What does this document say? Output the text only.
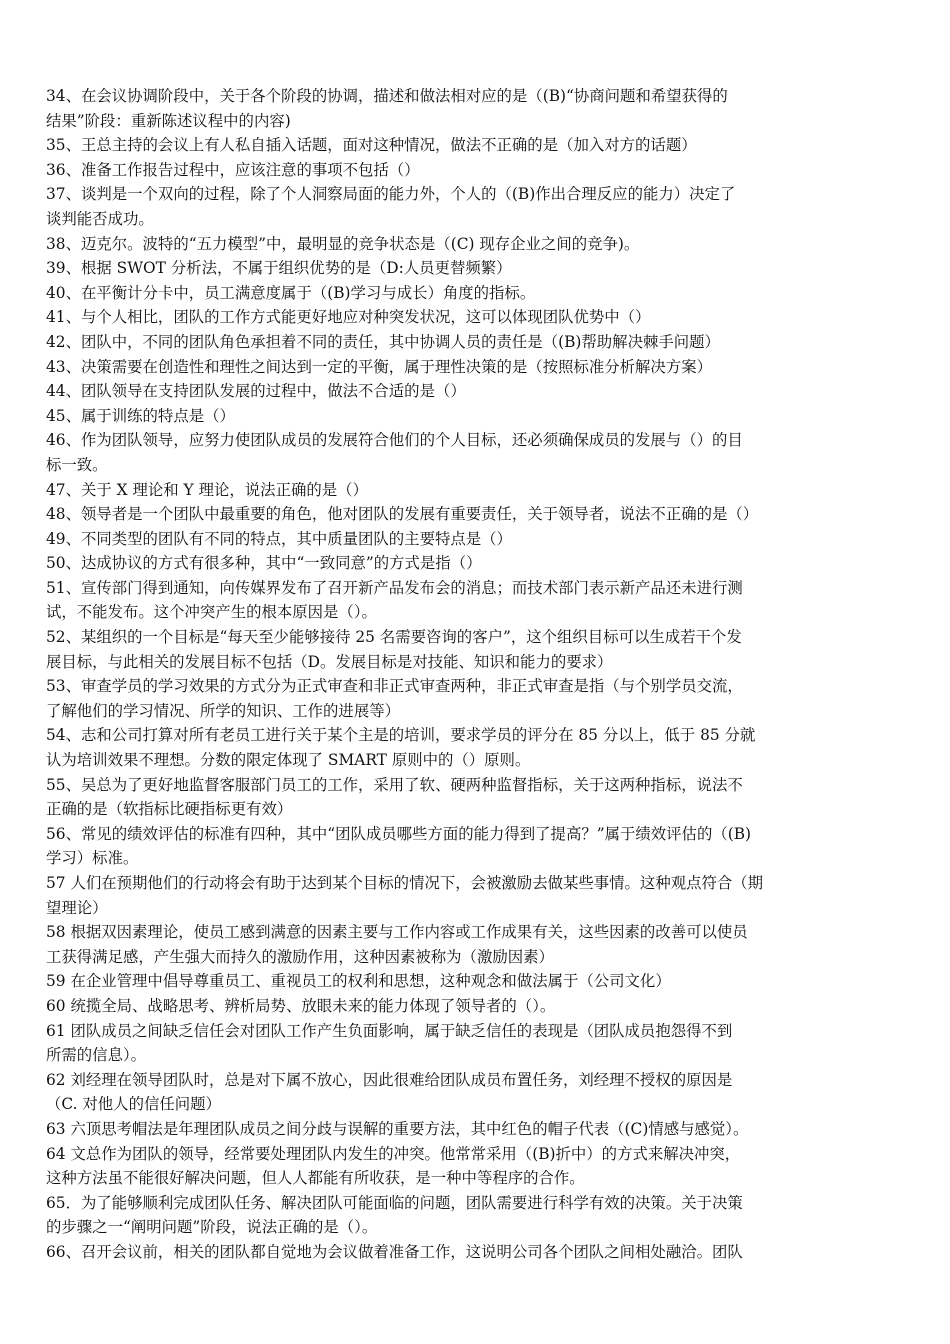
34、在会议协调阶段中，关于各个阶段的协调，描述和做法相对应的是（(B)“协商问题和希望获得的
结果”阶段：重新陈述议程中的内容)
35、王总主持的会议上有人私自插入话题，面对这种情况，做法不正确的是（加入对方的话题）
36、准备工作报告过程中，应该注意的事项不包括（）
37、谈判是一个双向的过程，除了个人洞察局面的能力外，个人的（(B)作出合理反应的能力）决定了
谈判能否成功。
38、迈克尔。波特的“五力模型”中，最明显的竞争状态是（(C) 现存企业之间的竞争)。
39、根据 SWOT 分析法，不属于组织优势的是（D:人员更替频繁）
40、在平衡计分卡中，员工满意度属于（(B)学习与成长）角度的指标。
41、与个人相比，团队的工作方式能更好地应对种突发状况，这可以体现团队优势中（）
42、团队中，不同的团队角色承担着不同的责任，其中协调人员的责任是（(B)帮助解决棘手问题）
43、决策需要在创造性和理性之间达到一定的平衡，属于理性决策的是（按照标准分析解决方案）
44、团队领导在支持团队发展的过程中，做法不合适的是（）
45、属于训练的特点是（）
46、作为团队领导，应努力使团队成员的发展符合他们的个人目标，还必须确保成员的发展与（）的目
标一致。
47、关于 X 理论和 Y 理论，说法正确的是（）
48、领导者是一个团队中最重要的角色，他对团队的发展有重要责任，关于领导者，说法不正确的是（）
49、不同类型的团队有不同的特点，其中质量团队的主要特点是（）
50、达成协议的方式有很多种，其中“一致同意”的方式是指（）
51、宣传部门得到通知，向传媒界发布了召开新产品发布会的消息；而技术部门表示新产品还未进行测
试，不能发布。这个冲突产生的根本原因是（）。
52、某组织的一个目标是“每天至少能够接待 25 名需要咨询的客户”，这个组织目标可以生成若干个发
展目标，与此相关的发展目标不包括（D。发展目标是对技能、知识和能力的要求）
53、审查学员的学习效果的方式分为正式审查和非正式审查两种，非正式审查是指（与个别学员交流，
了解他们的学习情况、所学的知识、工作的进展等）
54、志和公司打算对所有老员工进行关于某个主是的培训，要求学员的评分在 85 分以上，低于 85 分就
认为培训效果不理想。分数的限定体现了 SMART 原则中的（）原则。
55、吴总为了更好地监督客服部门员工的工作，采用了软、硬两种监督指标，关于这两种指标，说法不
正确的是（软指标比硬指标更有效）
56、常见的绩效评估的标准有四种，其中“团队成员哪些方面的能力得到了提高？”属于绩效评估的（(B)
学习）标准。
57 人们在预期他们的行动将会有助于达到某个目标的情况下，会被激励去做某些事情。这种观点符合（期
望理论）
58 根据双因素理论，使员工感到满意的因素主要与工作内容或工作成果有关，这些因素的改善可以使员
工获得满足感，产生强大而持久的激励作用，这种因素被称为（激励因素）
59 在企业管理中倡导尊重员工、重视员工的权利和思想，这种观念和做法属于（公司文化）
60 统揽全局、战略思考、辨析局势、放眼未来的能力体现了领导者的（）。
61 团队成员之间缺乏信任会对团队工作产生负面影响，属于缺乏信任的表现是（团队成员抱怨得不到
所需的信息）。
62 刘经理在领导团队时，总是对下属不放心，因此很难给团队成员布置任务，刘经理不授权的原因是
（C. 对他人的信任问题）
63 六顶思考帽法是年理团队成员之间分歧与误解的重要方法，其中红色的帽子代表（(C)情感与感觉）。
64 文总作为团队的领导，经常要处理团队内发生的冲突。他常常采用（(B)折中）的方式来解决冲突，
这种方法虽不能很好解决问题，但人人都能有所收获，是一种中等程序的合作。
65．为了能够顺利完成团队任务、解决团队可能面临的问题，团队需要进行科学有效的决策。关于决策
的步骤之一“阐明问题”阶段，说法正确的是（）。
66、召开会议前，相关的团队都自觉地为会议做着准备工作，这说明公司各个团队之间相处融洽。团队
